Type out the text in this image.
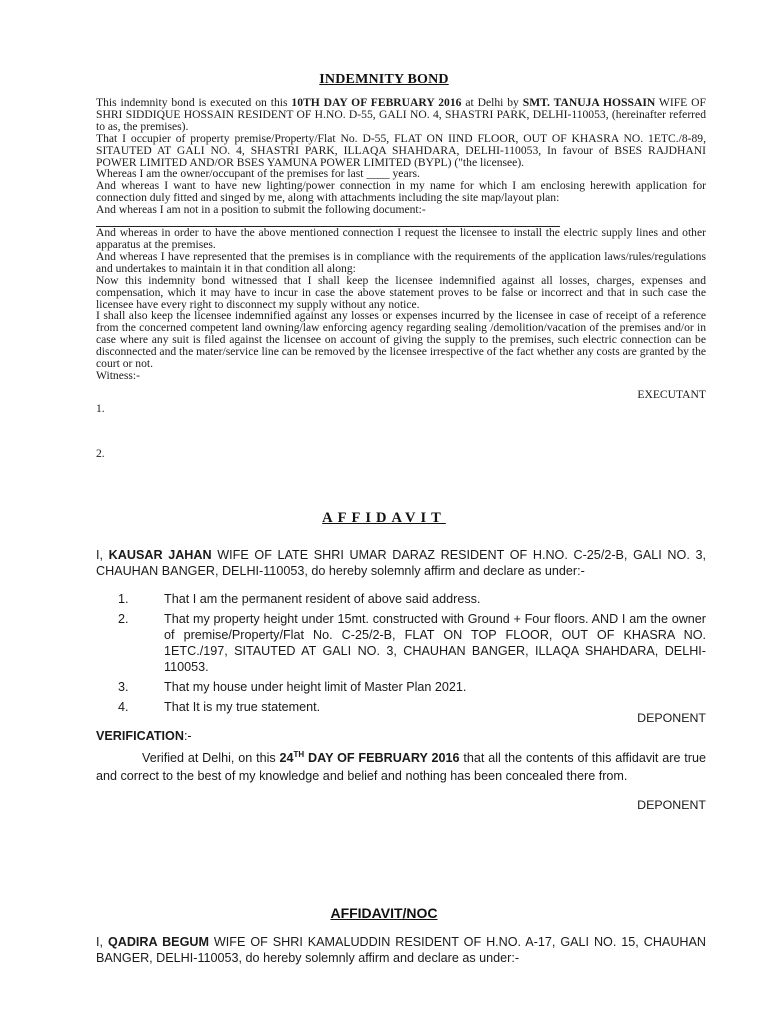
INDEMNITY BOND

This indemnity bond is executed on this 10TH DAY OF FEBRUARY 2016 at Delhi by SMT. TANUJA HOSSAIN WIFE OF SHRI SIDDIQUE HOSSAIN RESIDENT OF H.NO. D-55, GALI NO. 4, SHASTRI PARK, DELHI-110053, (hereinafter referred to as, the premises).

That I occupier of property premise/Property/Flat No. D-55, FLAT ON IIND FLOOR, OUT OF KHASRA NO. 1ETC./8-89, SITAUTED AT GALI NO. 4, SHASTRI PARK, ILLAQA SHAHDARA, DELHI-110053, In favour of BSES RAJDHANI POWER LIMITED AND/OR BSES YAMUNA POWER LIMITED (BYPL) ("the licensee).

Whereas I am the owner/occupant of the premises for last ____ years.

And whereas I want to have new lighting/power connection in my name for which I am enclosing herewith application for connection duly fitted and singed by me, along with attachments including the site map/layout plan:

And whereas I am not in a position to submit the following document:-

And whereas in order to have the above mentioned connection I request the licensee to install the electric supply lines and other apparatus at the premises.

And whereas I have represented that the premises is in compliance with the requirements of the application laws/rules/regulations and undertakes to maintain it in that condition all along:

Now this indemnity bond witnessed that I shall keep the licensee indemnified against all losses, charges, expenses and compensation, which it may have to incur in case the above statement proves to be false or incorrect and that in such case the licensee have every right to disconnect my supply without any notice.

I shall also keep the licensee indemnified against any losses or expenses incurred by the licensee in case of receipt of a reference from the concerned competent land owning/law enforcing agency regarding sealing /demolition/vacation of the premises and/or in case where any suit is filed against the licensee on account of giving the supply to the premises, such electric connection can be disconnected and the mater/service line can be removed by the licensee irrespective of the fact whether any costs are granted by the court or not.

Witness:-

EXECUTANT
1.
2.
AFFIDAVIT
I, KAUSAR JAHAN WIFE OF LATE SHRI UMAR DARAZ RESIDENT OF H.NO. C-25/2-B, GALI NO. 3, CHAUHAN BANGER, DELHI-110053, do hereby solemnly affirm and declare as under:-
1.	That I am the permanent resident of above said address.
2.	That my property height under 15mt. constructed with Ground + Four floors. AND I am the owner of premise/Property/Flat No. C-25/2-B, FLAT ON TOP FLOOR, OUT OF KHASRA NO. 1ETC./197, SITAUTED AT GALI NO. 3, CHAUHAN BANGER, ILLAQA SHAHDARA, DELHI-110053.
3.	That my house under height limit of Master Plan 2021.
4.	That It is my true statement.
DEPONENT
VERIFICATION:-
Verified at Delhi, on this 24TH DAY OF FEBRUARY 2016 that all the contents of this affidavit are true and correct to the best of my knowledge and belief and nothing has been concealed there from.
DEPONENT
AFFIDAVIT/NOC
I, QADIRA BEGUM WIFE OF SHRI KAMALUDDIN RESIDENT OF H.NO. A-17, GALI NO. 15, CHAUHAN BANGER, DELHI-110053, do hereby solemnly affirm and declare as under:-
